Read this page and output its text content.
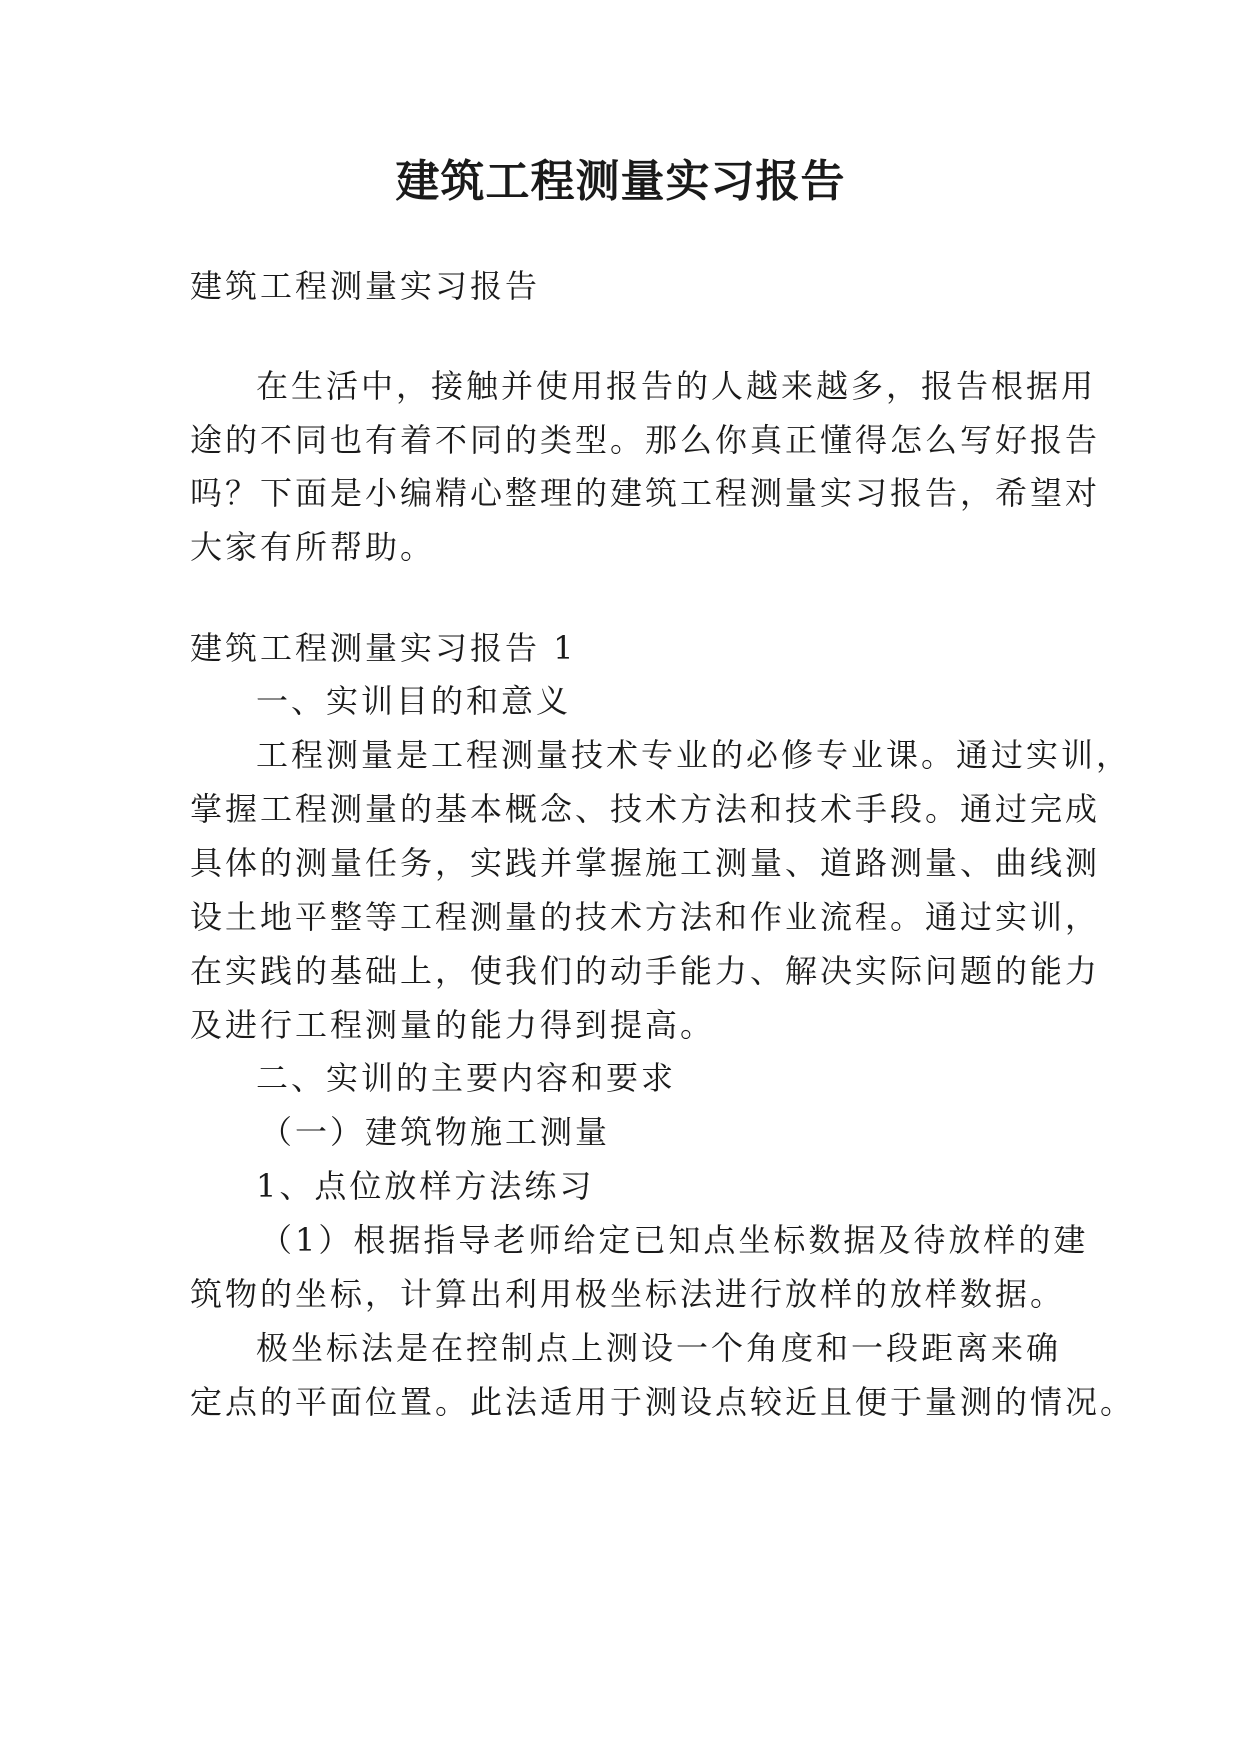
建筑工程测量实习报告
建筑工程测量实习报告
在生活中，接触并使用报告的人越来越多，报告根据用
途的不同也有着不同的类型。那么你真正懂得怎么写好报告
吗？下面是小编精心整理的建筑工程测量实习报告，希望对
大家有所帮助。
建筑工程测量实习报告 1
一、实训目的和意义
工程测量是工程测量技术专业的必修专业课。通过实训，
掌握工程测量的基本概念、技术方法和技术手段。通过完成
具体的测量任务，实践并掌握施工测量、道路测量、曲线测
设土地平整等工程测量的技术方法和作业流程。通过实训，
在实践的基础上，使我们的动手能力、解决实际问题的能力
及进行工程测量的能力得到提高。
二、实训的主要内容和要求
（一）建筑物施工测量
1、点位放样方法练习
（1）根据指导老师给定已知点坐标数据及待放样的建
筑物的坐标，计算出利用极坐标法进行放样的放样数据。
极坐标法是在控制点上测设一个角度和一段距离来确
定点的平面位置。此法适用于测设点较近且便于量测的情况。
